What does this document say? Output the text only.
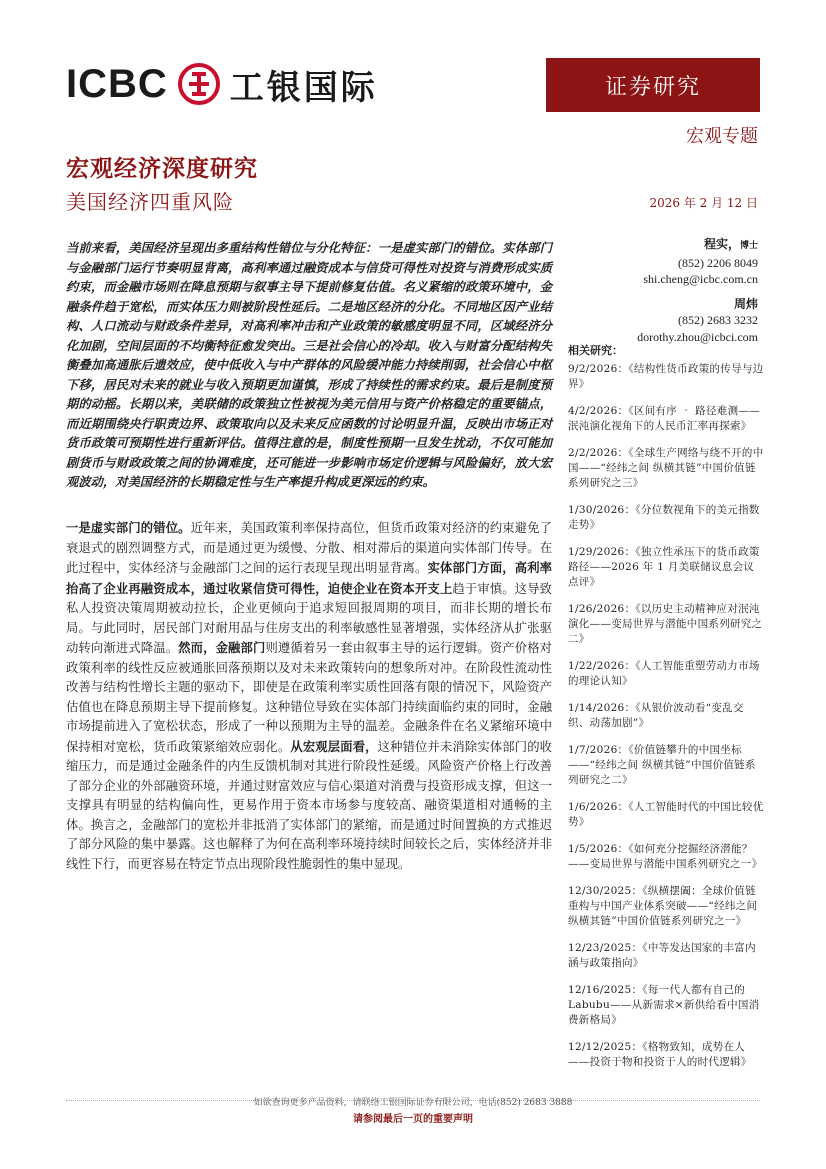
ICBC 工银国际	证券研究
宏观专题
宏观经济深度研究
美国经济四重风险	2026 年 2 月 12 日
当前来看，美国经济呈现出多重结构性错位与分化特征：一是虚实部门的错位。实体部门与金融部门运行节奏明显背离，高利率通过融资成本与信贷可得性对投资与消费形成实质约束，而金融市场则在降息预期与叙事主导下提前修复估值。名义紧缩的政策环境中，金融条件趋于宽松，而实体压力则被阶段性延后。二是地区经济的分化。不同地区因产业结构、人口流动与财政条件差异，对高利率冲击和产业政策的敏感度明显不同，区域经济分化加剧，空间层面的不均衡特征愈发突出。三是社会信心的冷却。收入与财富分配结构失衡叠加高通胀后遗效应，使中低收入与中产群体的风险缓冲能力持续削弱，社会信心中枢下移，居民对未来的就业与收入预期更加谨慎，形成了持续性的需求约束。最后是制度预期的动摇。长期以来，美联储的政策独立性被视为美元信用与资产价格稳定的重要锚点，而近期围绕央行职责边界、政策取向以及未来反应函数的讨论明显升温，反映出市场正对货币政策可预期性进行重新评估。值得注意的是，制度性预期一旦发生扰动，不仅可能加剧货币与财政政策之间的协调难度，还可能进一步影响市场定价逻辑与风险偏好，放大宏观波动，对美国经济的长期稳定性与生产率提升构成更深远的约束。
一是虚实部门的错位。近年来，美国政策利率保持高位，但货币政策对经济的约束避免了衰退式的剧烈调整方式，而是通过更为缓慢、分散、相对滞后的渠道向实体部门传导。在此过程中，实体经济与金融部门之间的运行表现呈现出明显背离。实体部门方面，高利率抬高了企业再融资成本，通过收紧信贷可得性，迫使企业在资本开支上趋于审慎。这导致私人投资决策周期被动拉长，企业更倾向于追求短回报周期的项目，而非长期的增长布局。与此同时，居民部门对耐用品与住房支出的利率敏感性显著增强，实体经济从扩张驱动转向渐进式降温。然而，金融部门则遵循着另一套由叙事主导的运行逻辑。资产价格对政策利率的线性反应被通胀回落预期以及对未来政策转向的想象所对冲。在阶段性流动性改善与结构性增长主题的驱动下，即使是在政策利率实质性回落有限的情况下，风险资产估值也在降息预期主导下提前修复。这种错位导致在实体部门持续面临约束的同时，金融市场提前进入了宽松状态，形成了一种以预期为主导的温差。金融条件在名义紧缩环境中保持相对宽松，货币政策紧缩效应弱化。从宏观层面看，这种错位并未消除实体部门的收缩压力，而是通过金融条件的内生反馈机制对其进行阶段性延缓。风险资产价格上行改善了部分企业的外部融资环境，并通过财富效应与信心渠道对消费与投资形成支撑，但这一支撑具有明显的结构偏向性，更易作用于资本市场参与度较高、融资渠道相对通畅的主体。换言之，金融部门的宽松并非抵消了实体部门的紧缩，而是通过时间置换的方式推迟了部分风险的集中暴露。这也解释了为何在高利率环境持续时间较长之后，实体经济并非线性下行，而更容易在特定节点出现阶段性脆弱性的集中显现。
程实，博士
(852) 2206 8049
shi.cheng@icbc.com.cn
周炜
(852) 2683 3232
dorothy.zhou@icbci.com
相关研究：
9/2/2026：《结构性货币政策的传导与边界》
4/2/2026：《区间有序 ‧ 路径难测——泯沌演化视角下的人民币汇率再探索》
2/2/2026：《全球生产网络与绕不开的中国——“经纬之间 纵横其链”中国价值链系列研究之三》
1/30/2026：《分位数视角下的美元指数走势》
1/29/2026：《独立性承压下的货币政策路径——2026 年 1 月美联储议息会议点评》
1/26/2026：《以历史主动精神应对泯沌演化——变局世界与潜能中国系列研究之二》
1/22/2026：《人工智能重塑劳动力市场的理论认知》
1/14/2026：《从银价波动看“变乱交织、动荡加剧”》
1/7/2026：《价值链攀升的中国坐标——“经纬之间 纵横其链”中国价值链系列研究之二》
1/6/2026：《人工智能时代的中国比较优势》
1/5/2026：《如何充分挖掘经济潜能？——变局世界与潜能中国系列研究之一》
12/30/2025：《纵横摆阖：全球价值链重构与中国产业体系突破——“经纬之间 纵横其链”中国价值链系列研究之一》
12/23/2025：《中等发达国家的丰富内涵与政策指向》
12/16/2025：《每一代人都有自己的 Labubu——从新需求×新供给看中国消费新格局》
12/12/2025：《格物致知，成势在人——投资于物和投资于人的时代逻辑》
如欲查询更多产品资料，请联络工银国际证券有限公司，电话(852) 2683 3888
请参阅最后一页的重要声明
